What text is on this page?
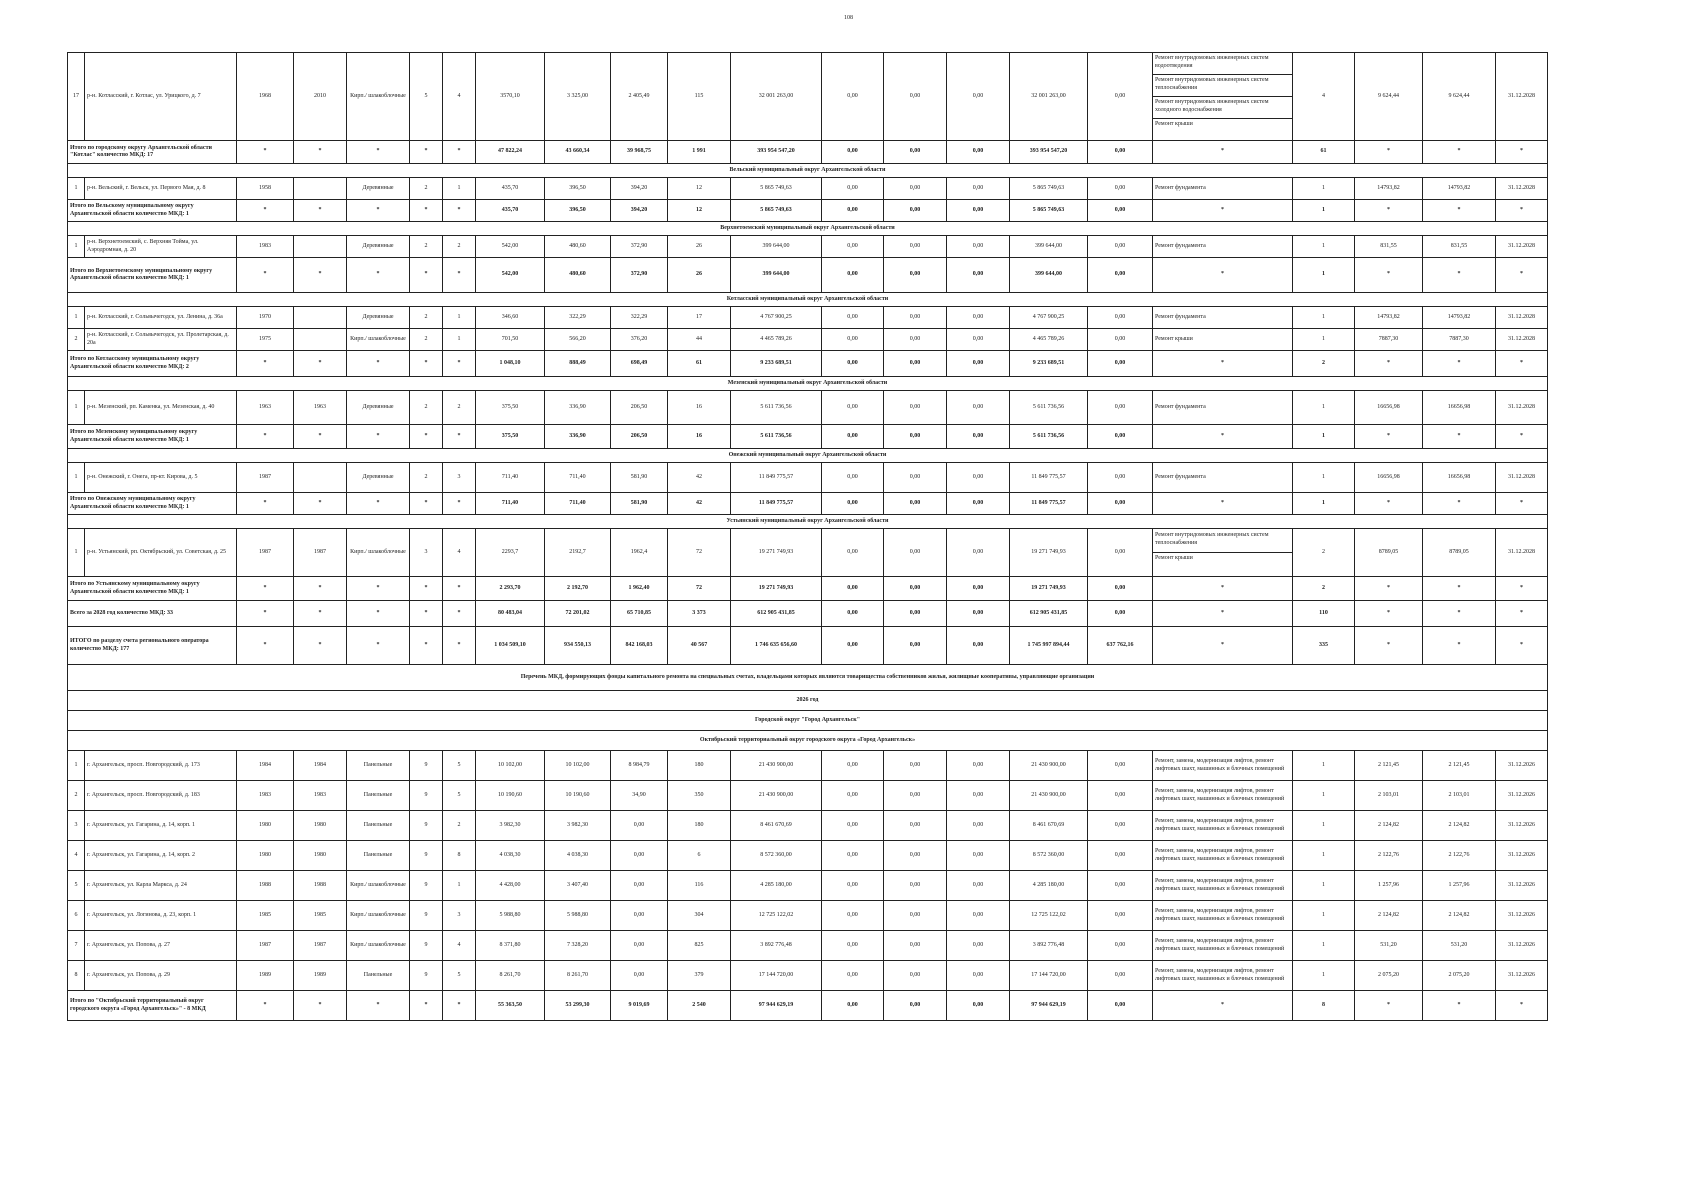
108
17	р-н. Котласский, г. Котлас, ул. Урицкого, д. 7	1968	2010	Кирп./ шлакоблочные	5	4	3570,10	3 325,00	2 405,49	115	32 001 263,00	0,00	0,00	0,00	32 001 263,00	0,00	Ремонт внутридомовых инженерных систем водоотведения
Ремонт внутридомовых инженерных систем теплоснабжения
Ремонт внутридомовых инженерных систем холодного водоснабжения
Ремонт крыши	4	9 624,44	9 624,44	31.12.2028
Итого по городскому округу Архангельской области "Котлас" количество МКД: 17		*	*	*	*	*	47 822,24	43 660,34	39 968,75	1 991	393 954 547,20	0,00	0,00	0,00	393 954 547,20	0,00	*	61	*	*	*
Вельский муниципальный округ Архангельской области																					
1	р-н. Вельский, г. Вельск, ул. Первого Мая, д. 8	1958		Деревянные	2	1	435,70	396,50	394,20	12	5 865 749,63	0,00	0,00	0,00	5 865 749,63	0,00	Ремонт фундамента	1	14793,82	14793,82	31.12.2028
Итого по Вельскому муниципальному округу Архангельской области количество МКД: 1		*	*	*	*	*	435,70	396,50	394,20	12	5 865 749,63	0,00	0,00	0,00	5 865 749,63	0,00	*	1	*	*	*
Верхнетоемский муниципальный округ Архангельской области																					
1	р-н. Верхнетоемский, с. Верхняя Тойма, ул. Аэродромная, д. 20	1983		Деревянные	2	2	542,00	480,60	372,90	26	399 644,00	0,00	0,00	0,00	399 644,00	0,00	Ремонт фундамента	1	831,55	831,55	31.12.2028
Итого по Верхнетоемскому муниципальному округу Архангельской области количество МКД: 1		*	*	*	*	*	542,00	480,60	372,90	26	399 644,00	0,00	0,00	0,00	399 644,00	0,00	*	1	*	*	*
Котласский муниципальный округ Архангельской области																					
1	р-н. Котласский, г. Сольвычегодск, ул. Ленина, д. 36а	1970		Деревянные	2	1	346,60	322,29	322,29	17	4 767 900,25	0,00	0,00	0,00	4 767 900,25	0,00	Ремонт фундамента	1	14793,82	14793,82	31.12.2028
2	р-н. Котласский, г. Сольвычегодск, ул. Пролетарская, д. 20а	1975		Кирп./ шлакоблочные	2	1	701,50	566,20	376,20	44	4 465 789,26	0,00	0,00	0,00	4 465 789,26	0,00	Ремонт крыши	1	7887,30	7887,30	31.12.2028
Итого по Котласскому муниципальному округу Архангельской области количество МКД: 2		*	*	*	*	*	1 048,10	888,49	698,49	61	9 233 689,51	0,00	0,00	0,00	9 233 689,51	0,00	*	2	*	*	*
Мезенский муниципальный округ Архангельской области																					
1	р-н. Мезенский, рп. Каменка, ул. Мезенская, д. 40	1963	1963	Деревянные	2	2	375,50	336,90	206,50	16	5 611 736,56	0,00	0,00	0,00	5 611 736,56	0,00	Ремонт фундамента	1	16656,98	16656,98	31.12.2028
Итого по Мезенскому муниципальному округу Архангельской области количество МКД: 1		*	*	*	*	*	375,50	336,90	206,50	16	5 611 736,56	0,00	0,00	0,00	5 611 736,56	0,00	*	1	*	*	*
Онежский муниципальный округ Архангельской области																					
1	р-н. Онежский, г. Онега, пр-кт. Кирова, д. 5	1987		Деревянные	2	3	711,40	711,40	581,90	42	11 849 775,57	0,00	0,00	0,00	11 849 775,57	0,00	Ремонт фундамента	1	16656,98	16656,98	31.12.2028
Итого по Онежскому муниципальному округу Архангельской области количество МКД: 1		*	*	*	*	*	711,40	711,40	581,90	42	11 849 775,57	0,00	0,00	0,00	11 849 775,57	0,00	*	1	*	*	*
Устьянский муниципальный округ Архангельской области																					
1	р-н. Устьянский, рп. Октябрьский, ул. Советская, д. 25	1987	1987	Кирп./ шлакоблочные	3	4	2293,7	2192,7	1962,4	72	19 271 749,93	0,00	0,00	0,00	19 271 749,93	0,00	Ремонт внутридомовых инженерных систем теплоснабжения
Ремонт крыши	2	8789,05	8789,05	31.12.2028
Итого по Устьянскому муниципальному округу Архангельской области количество МКД: 1		*	*	*	*	*	2 293,70	2 192,70	1 962,40	72	19 271 749,93	0,00	0,00	0,00	19 271 749,93	0,00	*	2	*	*	*
Всего за 2028 год количество МКД: 33		*	*	*	*	*	80 483,04	72 201,02	65 710,85	3 373	612 905 431,85	0,00	0,00	0,00	612 905 431,85	0,00	*	110	*	*	*
ИТОГО по разделу счета регионального оператора количество МКД: 177		*	*	*	*	*	1 034 509,10	934 550,13	842 168,03	40 567	1 746 635 656,60	0,00	0,00	0,00	1 745 997 894,44	637 762,16	*	335	*	*	*
Перечень МКД, формирующих фонды капитального ремонта на специальных счетах, владельцами которых являются товарищества собственников жилья, жилищные кооперативы, управляющие организации																					
2026 год																					
Городской округ "Город Архангельск"																					
Октябрьский территориальный округ городского округа «Город Архангельск»																					
1	г. Архангельск, просп. Новгородский, д. 173	1984	1984	Панельные	9	5	10 102,00	10 102,00	8 984,79	180	21 430 900,00	0,00	0,00	0,00	21 430 900,00	0,00	Ремонт, замена, модернизация лифтов, ремонт лифтовых шахт, машинных и блочных помещений	1	2 121,45	2 121,45	31.12.2026
2	г. Архангельск, просп. Новгородский, д. 183	1983	1983	Панельные	9	5	10 190,60	10 190,60	34,90	350	21 430 900,00	0,00	0,00	0,00	21 430 900,00	0,00	Ремонт, замена, модернизация лифтов, ремонт лифтовых шахт, машинных и блочных помещений	1	2 103,01	2 103,01	31.12.2026
3	г. Архангельск, ул. Гагарина, д. 14, корп. 1	1980	1980	Панельные	9	2	3 982,30	3 982,30	0,00	180	8 461 670,69	0,00	0,00	0,00	8 461 670,69	0,00	Ремонт, замена, модернизация лифтов, ремонт лифтовых шахт, машинных и блочных помещений	1	2 124,82	2 124,82	31.12.2026
4	г. Архангельск, ул. Гагарина, д. 14, корп. 2	1980	1980	Панельные	9	8	4 038,30	4 038,30	0,00	6	8 572 360,00	0,00	0,00	0,00	8 572 360,00	0,00	Ремонт, замена, модернизация лифтов, ремонт лифтовых шахт, машинных и блочных помещений	1	2 122,76	2 122,76	31.12.2026
5	г. Архангельск, ул. Карла Маркса, д. 24	1988	1988	Кирп./ шлакоблочные	9	1	4 428,00	3 407,40	0,00	116	4 285 180,00	0,00	0,00	0,00	4 285 180,00	0,00	Ремонт, замена, модернизация лифтов, ремонт лифтовых шахт, машинных и блочных помещений	1	1 257,96	1 257,96	31.12.2026
6	г. Архангельск, ул. Логинова, д. 23, корп. 1	1985	1985	Кирп./ шлакоблочные	9	3	5 988,80	5 988,80	0,00	304	12 725 122,02	0,00	0,00	0,00	12 725 122,02	0,00	Ремонт, замена, модернизация лифтов, ремонт лифтовых шахт, машинных и блочных помещений	1	2 124,82	2 124,82	31.12.2026
7	г. Архангельск, ул. Попова, д. 27	1987	1987	Кирп./ шлакоблочные	9	4	8 371,80	7 328,20	0,00	825	3 892 776,48	0,00	0,00	0,00	3 892 776,48	0,00	Ремонт, замена, модернизация лифтов, ремонт лифтовых шахт, машинных и блочных помещений	1	531,20	531,20	31.12.2026
8	г. Архангельск, ул. Попова, д. 29	1989	1989	Панельные	9	5	8 261,70	8 261,70	0,00	379	17 144 720,00	0,00	0,00	0,00	17 144 720,00	0,00	Ремонт, замена, модернизация лифтов, ремонт лифтовых шахт, машинных и блочных помещений	1	2 075,20	2 075,20	31.12.2026
Итого по "Октябрьский территориальный округ городского округа «Город Архангельск»" - 8 МКД		*	*	*	*	*	55 363,50	53 299,30	9 019,69	2 540	97 944 629,19	0,00	0,00	0,00	97 944 629,19	0,00	*	8	*	*	*
